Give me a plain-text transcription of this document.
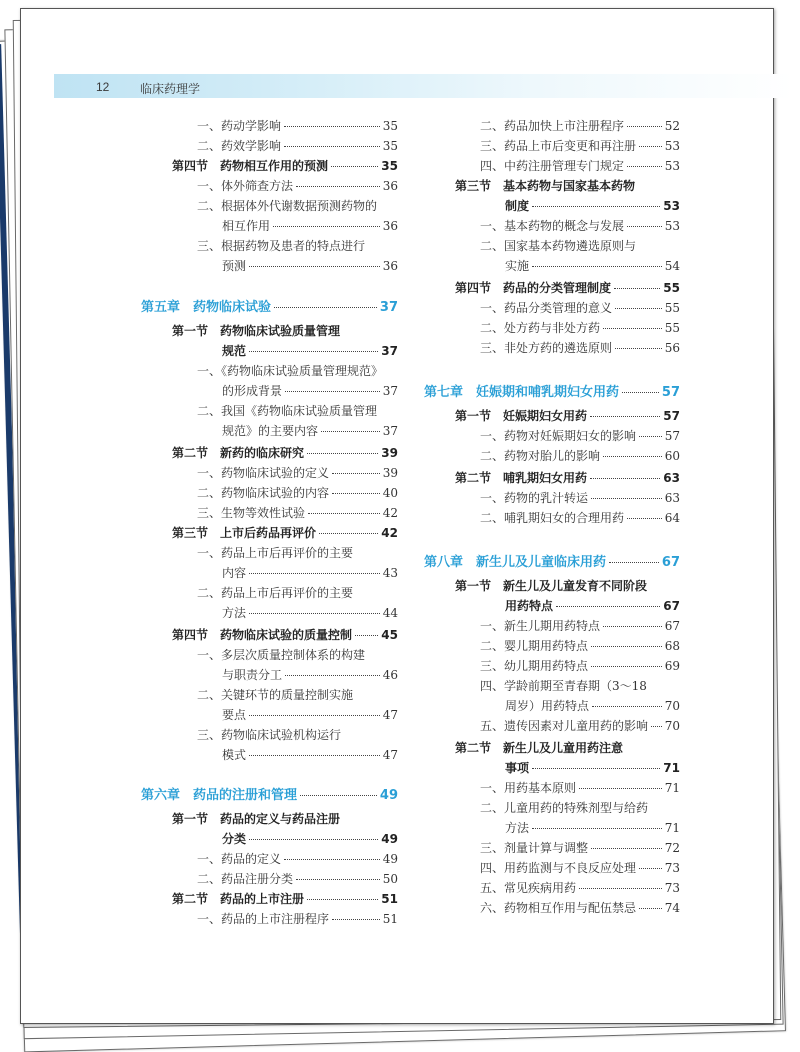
12	临床药理学
一、药动学影响	35
二、药效学影响	35
第四节　药物相互作用的预测	35
一、体外筛查方法	36
二、根据体外代谢数据预测药物的
相互作用	36
三、根据药物及患者的特点进行
预测	36
第五章　药物临床试验	37
第一节　药物临床试验质量管理
规范	37
一、《药物临床试验质量管理规范》
的形成背景	37
二、我国《药物临床试验质量管理
规范》的主要内容	37
第二节　新药的临床研究	39
一、药物临床试验的定义	39
二、药物临床试验的内容	40
三、生物等效性试验	42
第三节　上市后药品再评价	42
一、药品上市后再评价的主要
内容	43
二、药品上市后再评价的主要
方法	44
第四节　药物临床试验的质量控制 45
一、多层次质量控制体系的构建
与职责分工	46
二、关键环节的质量控制实施
要点	47
三、药物临床试验机构运行
模式	47
第六章　药品的注册和管理	49
第一节　药品的定义与药品注册
分类	49
一、药品的定义	49
二、药品注册分类	50
第二节　药品的上市注册	51
一、药品的上市注册程序	51
二、药品加快上市注册程序	52
三、药品上市后变更和再注册 53
四、中药注册管理专门规定	53
第三节　基本药物与国家基本药物
制度	53
一、基本药物的概念与发展	53
二、国家基本药物遴选原则与
实施	54
第四节　药品的分类管理制度	55
一、药品分类管理的意义	55
二、处方药与非处方药	55
三、非处方药的遴选原则	56
第七章　妊娠期和哺乳期妇女用药	57
第一节　妊娠期妇女用药	57
一、药物对妊娠期妇女的影响 57
二、药物对胎儿的影响	60
第二节　哺乳期妇女用药	63
一、药物的乳汁转运	63
二、哺乳期妇女的合理用药	64
第八章　新生儿及儿童临床用药	67
第一节　新生儿及儿童发育不同阶段
用药特点	67
一、新生儿期用药特点	67
二、婴儿期用药特点	68
三、幼儿期用药特点	69
四、学龄前期至青春期（3～18
周岁）用药特点	70
五、遗传因素对儿童用药的影响 70
第二节　新生儿及儿童用药注意
事项	71
一、用药基本原则	71
二、儿童用药的特殊剂型与给药
方法	71
三、剂量计算与调整	72
四、用药监测与不良反应处理 73
五、常见疾病用药	73
六、药物相互作用与配伍禁忌 74
